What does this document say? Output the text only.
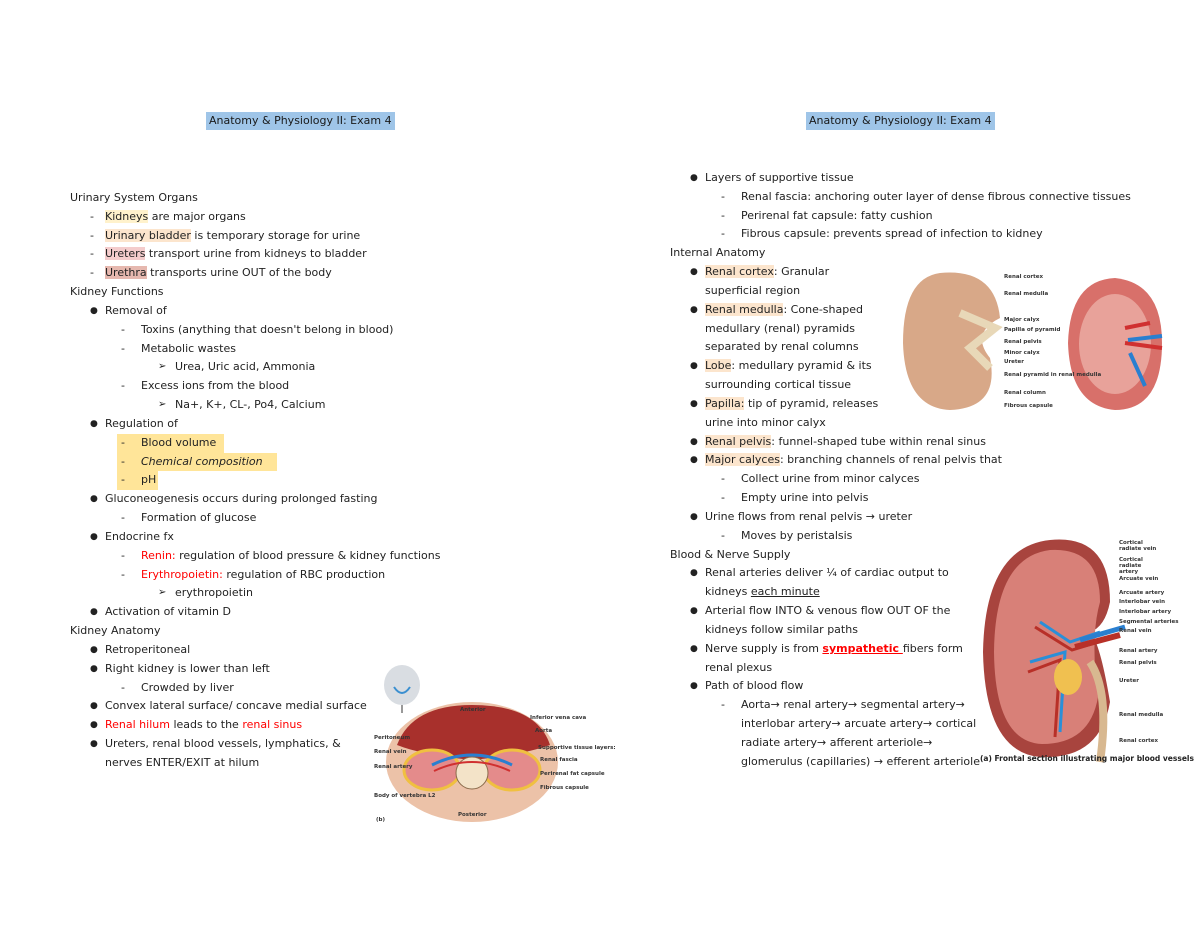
Anatomy & Physiology II: Exam 4
Urinary System Organs
- Kidneys are major organs
- Urinary bladder is temporary storage for urine
- Ureters transport urine from kidneys to bladder
- Urethra transports urine OUT of the body
Kidney Functions
● Removal of
- Toxins (anything that doesn't belong in blood)
- Metabolic wastes
➢ Urea, Uric acid, Ammonia
- Excess ions from the blood
➢ Na+, K+, CL-, Po4, Calcium
● Regulation of
- Blood volume
- Chemical composition
- pH
● Gluconeogenesis occurs during prolonged fasting
- Formation of glucose
● Endocrine fx
- Renin: regulation of blood pressure & kidney functions
- Erythropoietin: regulation of RBC production
➢ erythropoietin
● Activation of vitamin D
Kidney Anatomy
● Retroperitoneal
● Right kidney is lower than left
- Crowded by liver
● Convex lateral surface/ concave medial surface
● Renal hilum leads to the renal sinus
● Ureters, renal blood vessels, lymphatics, &
nerves ENTER/EXIT at hilum
Anatomy & Physiology II: Exam 4
● Layers of supportive tissue
- Renal fascia: anchoring outer layer of dense fibrous connective tissues
- Perirenal fat capsule: fatty cushion
- Fibrous capsule: prevents spread of infection to kidney
Internal Anatomy
● Renal cortex: Granular
superficial region
● Renal medulla: Cone-shaped
medullary (renal) pyramids
separated by renal columns
● Lobe: medullary pyramid & its
surrounding cortical tissue
● Papilla: tip of pyramid, releases
urine into minor calyx
● Renal pelvis: funnel-shaped tube within renal sinus
● Major calyces: branching channels of renal pelvis that
- Collect urine from minor calyces
- Empty urine into pelvis
● Urine flows from renal pelvis → ureter
- Moves by peristalsis
Blood & Nerve Supply
● Renal arteries deliver ¼ of cardiac output to
kidneys each minute
● Arterial flow INTO & venous flow OUT OF the
kidneys follow similar paths
● Nerve supply is from sympathetic fibers form
renal plexus
● Path of blood flow
- Aorta→ renal artery→ segmental artery→
interlobar artery→ arcuate artery→ cortical
radiate artery→ afferent arteriole→
glomerulus (capillaries) → efferent arteriole
Anterior
Inferior vena cava
Aorta
Peritoneum
Renal vein
Renal artery
Body of vertebra L2
Posterior
Supportive tissue layers:
Renal fascia
Perirenal fat capsule
Fibrous capsule
(b)
Renal cortex
Renal medulla
Major calyx
Papilla of pyramid
Renal pelvis
Minor calyx
Ureter
Renal pyramid in renal medulla
Renal column
Fibrous capsule
Cortical radiate vein
Cortical radiate artery
Arcuate vein
Arcuate artery
Interlobar vein
Interlobar artery
Segmental arteries
Renal vein
Renal artery
Renal pelvis
Ureter
Renal medulla
Renal cortex
(a) Frontal section illustrating major blood vessels
